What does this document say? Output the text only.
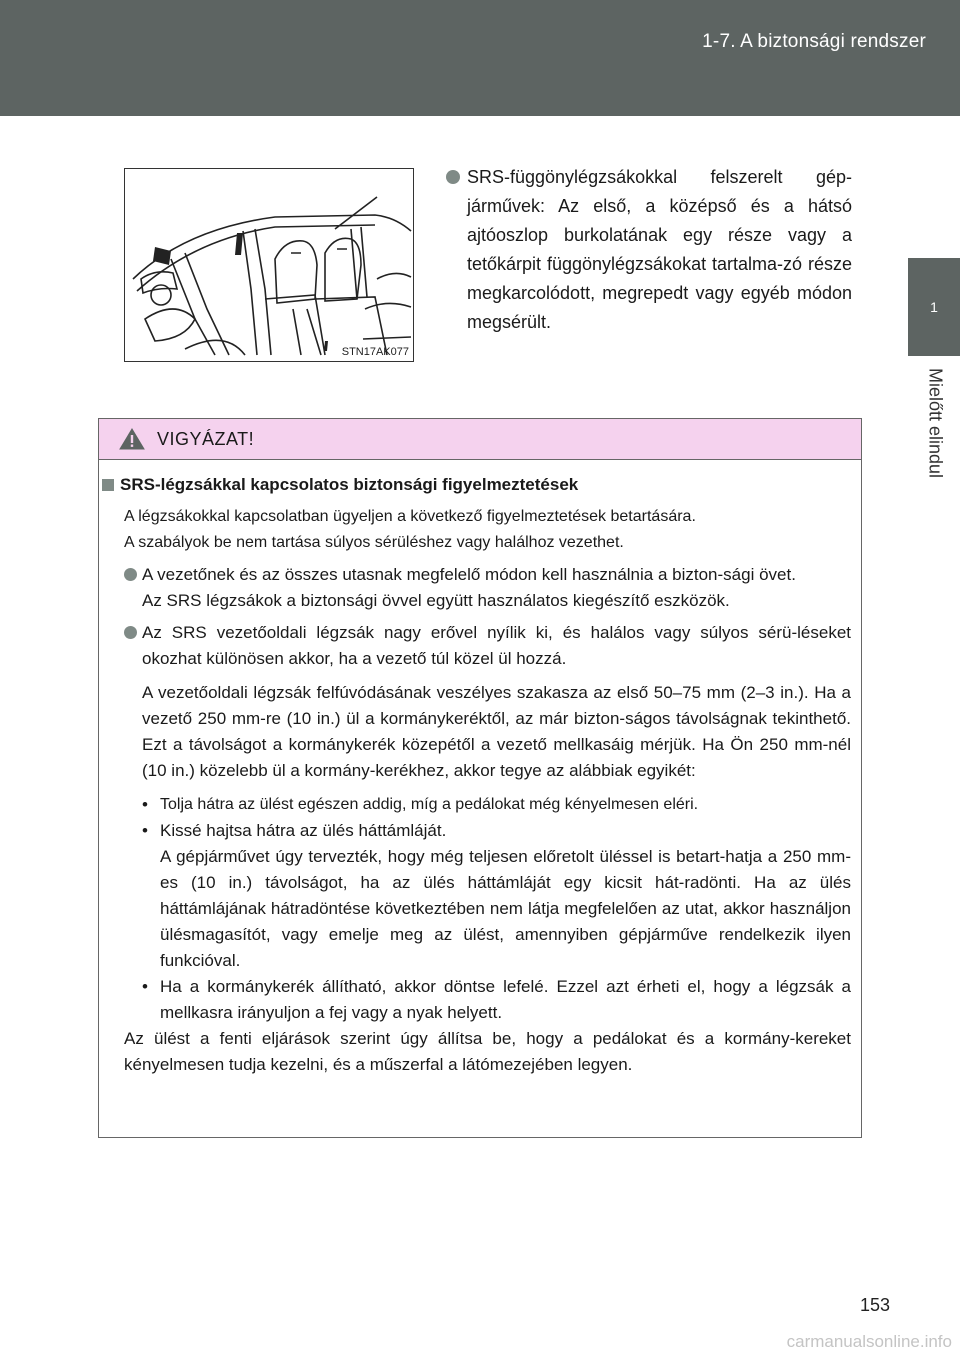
1-7. A biztonsági rendszer
1
Mielőtt elindul
STN17AK077
SRS-függönylégzsákokkal felszerelt gép-járművek: Az első, a középső és a hátsó ajtóoszlop burkolatának egy része vagy a tetőkárpit függönylégzsákokat tartalma-zó része megkarcolódott, megrepedt vagy egyéb módon megsérült.
VIGYÁZAT!
SRS-légzsákkal kapcsolatos biztonsági figyelmeztetések
A légzsákokkal kapcsolatban ügyeljen a következő figyelmeztetések betartására.
A szabályok be nem tartása súlyos sérüléshez vagy halálhoz vezethet.
A vezetőnek és az összes utasnak megfelelő módon kell használnia a bizton-sági övet.
Az SRS légzsákok a biztonsági övvel együtt használatos kiegészítő eszközök.
Az SRS vezetőoldali légzsák nagy erővel nyílik ki, és halálos vagy súlyos sérü-léseket okozhat különösen akkor, ha a vezető túl közel ül hozzá.
A vezetőoldali légzsák felfúvódásának veszélyes szakasza az első 50–75 mm (2–3 in.). Ha a vezető 250 mm-re (10 in.) ül a kormánykeréktől, az már bizton-ságos távolságnak tekinthető. Ezt a távolságot a kormánykerék közepétől a vezető mellkasáig mérjük. Ha Ön 250 mm-nél (10 in.) közelebb ül a kormány-kerékhez, akkor tegye az alábbiak egyikét:
• Tolja hátra az ülést egészen addig, míg a pedálokat még kényelmesen eléri.
• Kissé hajtsa hátra az ülés háttámláját.
A gépjárművet úgy tervezték, hogy még teljesen előretolt üléssel is betart-hatja a 250 mm-es (10 in.) távolságot, ha az ülés háttámláját egy kicsit hát-radönti. Ha az ülés háttámlájának hátradöntése következtében nem látja megfelelően az utat, akkor használjon ülésmagasítót, vagy emelje meg az ülést, amennyiben gépjárműve rendelkezik ilyen funkcióval.
• Ha a kormánykerék állítható, akkor döntse lefelé. Ezzel azt érheti el, hogy a légzsák a mellkasra irányuljon a fej vagy a nyak helyett.
Az ülést a fenti eljárások szerint úgy állítsa be, hogy a pedálokat és a kormány-kereket kényelmesen tudja kezelni, és a műszerfal a látómezejében legyen.
153
carmanualsonline.info
